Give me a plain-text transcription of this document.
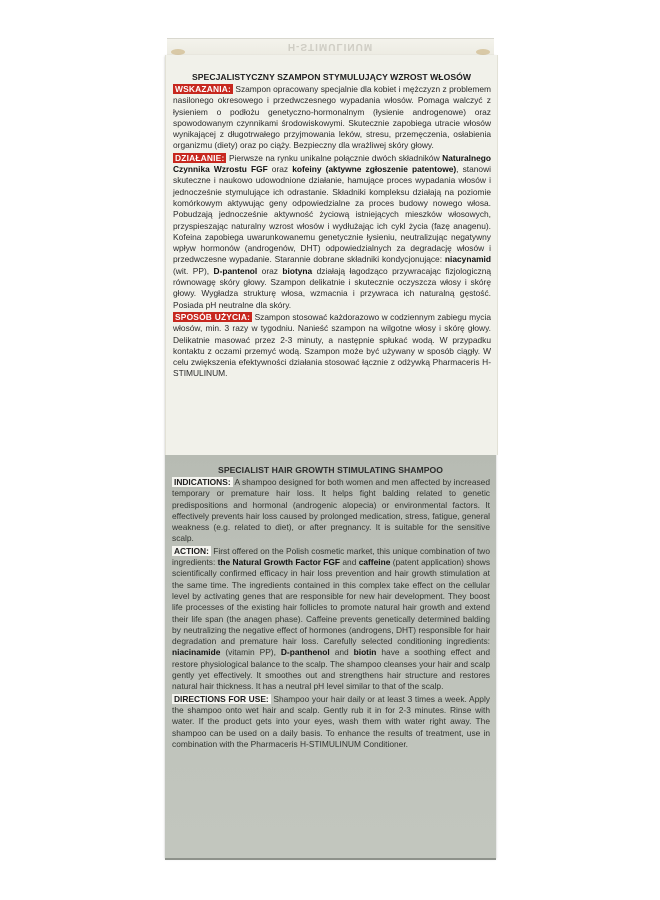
H-STIMULINUM
SPECJALISTYCZNY SZAMPON STYMULUJĄCY WZROST WŁOSÓW
WSKAZANIA: Szampon opracowany specjalnie dla kobiet i mężczyzn z problemem nasilonego okresowego i przedwczesnego wypadania włosów. Pomaga walczyć z łysieniem o podłożu genetyczno-hormonalnym (łysienie androgenowe) oraz spowodowanym czynnikami środowiskowymi. Skutecznie zapobiega utracie włosów wynikającej z długotrwałego przyjmowania leków, stresu, przemęczenia, osłabienia organizmu (diety) oraz po ciąży. Bezpieczny dla wrażliwej skóry głowy.
DZIAŁANIE: Pierwsze na rynku unikalne połącznie dwóch składników Naturalnego Czynnika Wzrostu FGF oraz kofeiny (aktywne zgłoszenie patentowe), stanowi skuteczne i naukowo udowodnione działanie, hamujące proces wypadania włosów i jednocześnie stymulujące ich odrastanie. Składniki kompleksu działają na poziomie komórkowym aktywując geny odpowiedzialne za proces budowy nowego włosa. Pobudzają jednocześnie aktywność życiową istniejących mieszków włosowych, przyspieszając naturalny wzrost włosów i wydłużając ich cykl życia (fazę anagenu). Kofeina zapobiega uwarunkowanemu genetycznie łysieniu, neutralizując negatywny wpływ hormonów (androgenów, DHT) odpowiedzialnych za degradację włosów i przedwczesne wypadanie. Starannie dobrane składniki kondycjonujące: niacynamid (wit. PP), D-pantenol oraz biotyna działają łagodząco przywracając fizjologiczną równowagę skóry głowy. Szampon delikatnie i skutecznie oczyszcza włosy i skórę głowy. Wygładza strukturę włosa, wzmacnia i przywraca ich naturalną gęstość. Posiada pH neutralne dla skóry.
SPOSÓB UŻYCIA: Szampon stosować każdorazowo w codziennym zabiegu mycia włosów, min. 3 razy w tygodniu. Nanieść szampon na wilgotne włosy i skórę głowy. Delikatnie masować przez 2-3 minuty, a następnie spłukać wodą. W przypadku kontaktu z oczami przemyć wodą. Szampon może być używany w sposób ciągły. W celu zwiększenia efektywności działania stosować łącznie z odżywką Pharmaceris H-STIMULINUM.
SPECIALIST HAIR GROWTH STIMULATING SHAMPOO
INDICATIONS: A shampoo designed for both women and men affected by increased temporary or premature hair loss. It helps fight balding related to genetic predispositions and hormonal (androgenic alopecia) or environmental factors. It effectively prevents hair loss caused by prolonged medication, stress, fatigue, general weakness (e.g. related to diet), or after pregnancy. It is suitable for the sensitive scalp.
ACTION: First offered on the Polish cosmetic market, this unique combination of two ingredients: the Natural Growth Factor FGF and caffeine (patent application) shows scientifically confirmed efficacy in hair loss prevention and hair growth stimulation at the same time. The ingredients contained in this complex take effect on the cellular level by activating genes that are responsible for new hair development. They boost life processes of the existing hair follicles to promote natural hair growth and extend their life span (the anagen phase). Caffeine prevents genetically determined balding by neutralizing the negative effect of hormones (androgens, DHT) responsible for hair degradation and premature hair loss. Carefully selected conditioning ingredients: niacinamide (vitamin PP), D-panthenol and biotin have a soothing effect and restore physiological balance to the scalp. The shampoo cleanses your hair and scalp gently yet effectively. It smoothes out and strengthens hair structure and restores natural hair thickness. It has a neutral pH level similar to that of the scalp.
DIRECTIONS FOR USE: Shampoo your hair daily or at least 3 times a week. Apply the shampoo onto wet hair and scalp. Gently rub it in for 2-3 minutes. Rinse with water. If the product gets into your eyes, wash them with water right away. The shampoo can be used on a daily basis. To enhance the results of treatment, use in combination with the Pharmaceris H-STIMULINUM Conditioner.
